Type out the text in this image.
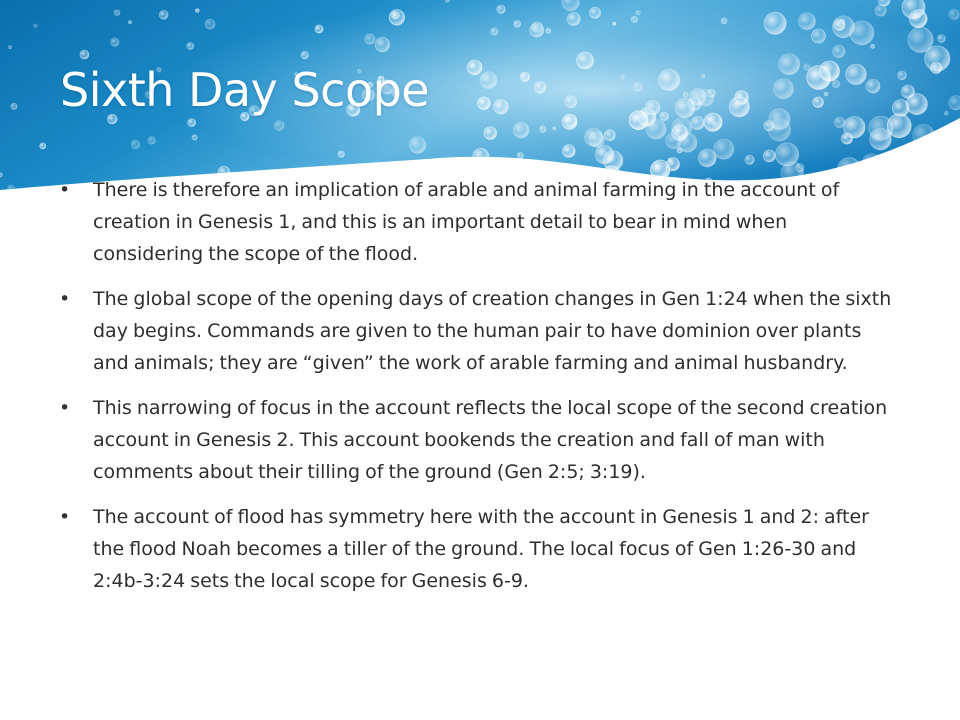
Sixth Day Scope
• There is therefore an implication of arable and animal farming in the account of creation in Genesis 1, and this is an important detail to bear in mind when considering the scope of the flood.
• The global scope of the opening days of creation changes in Gen 1:24 when the sixth day begins. Commands are given to the human pair to have dominion over plants and animals; they are “given” the work of arable farming and animal husbandry.
• This narrowing of focus in the account reflects the local scope of the second creation account in Genesis 2. This account bookends the creation and fall of man with comments about their tilling of the ground (Gen 2:5; 3:19).
• The account of flood has symmetry here with the account in Genesis 1 and 2: after the flood Noah becomes a tiller of the ground. The local focus of Gen 1:26-30 and 2:4b-3:24 sets the local scope for Genesis 6-9.
